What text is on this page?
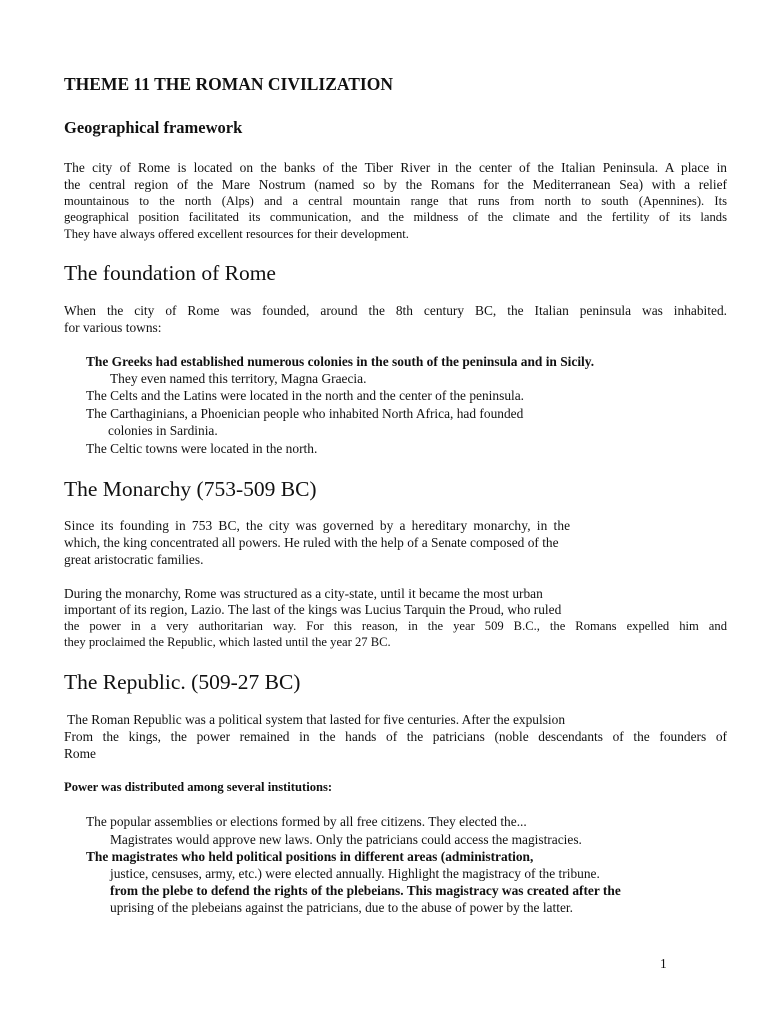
THEME 11 THE ROMAN CIVILIZATION
Geographical framework
The city of Rome is located on the banks of the Tiber River in the center of the Italian Peninsula. A place in
the central region of the Mare Nostrum (named so by the Romans for the Mediterranean Sea) with a relief
mountainous to the north (Alps) and a central mountain range that runs from north to south (Apennines). Its
geographical position facilitated its communication, and the mildness of the climate and the fertility of its lands
They have always offered excellent resources for their development.
The foundation of Rome
When the city of Rome was founded, around the 8th century BC, the Italian peninsula was inhabited.
for various towns:
The Greeks had established numerous colonies in the south of the peninsula and in Sicily.
They even named this territory, Magna Graecia.
The Celts and the Latins were located in the north and the center of the peninsula.
The Carthaginians, a Phoenician people who inhabited North Africa, had founded
colonies in Sardinia.
The Celtic towns were located in the north.
The Monarchy (753-509 BC)
Since its founding in 753 BC, the city was governed by a hereditary monarchy, in the
which, the king concentrated all powers. He ruled with the help of a Senate composed of the
great aristocratic families.
During the monarchy, Rome was structured as a city-state, until it became the most urban
important of its region, Lazio. The last of the kings was Lucius Tarquin the Proud, who ruled
the power in a very authoritarian way. For this reason, in the year 509 B.C., the Romans expelled him and
they proclaimed the Republic, which lasted until the year 27 BC.
The Republic. (509-27 BC)
The Roman Republic was a political system that lasted for five centuries. After the expulsion
From the kings, the power remained in the hands of the patricians (noble descendants of the founders of
Rome
Power was distributed among several institutions:
The popular assemblies or elections formed by all free citizens. They elected the...
Magistrates would approve new laws. Only the patricians could access the magistracies.
The magistrates who held political positions in different areas (administration,
justice, censuses, army, etc.) were elected annually. Highlight the magistracy of the tribune.
from the plebe to defend the rights of the plebeians. This magistracy was created after the
uprising of the plebeians against the patricians, due to the abuse of power by the latter.
1
